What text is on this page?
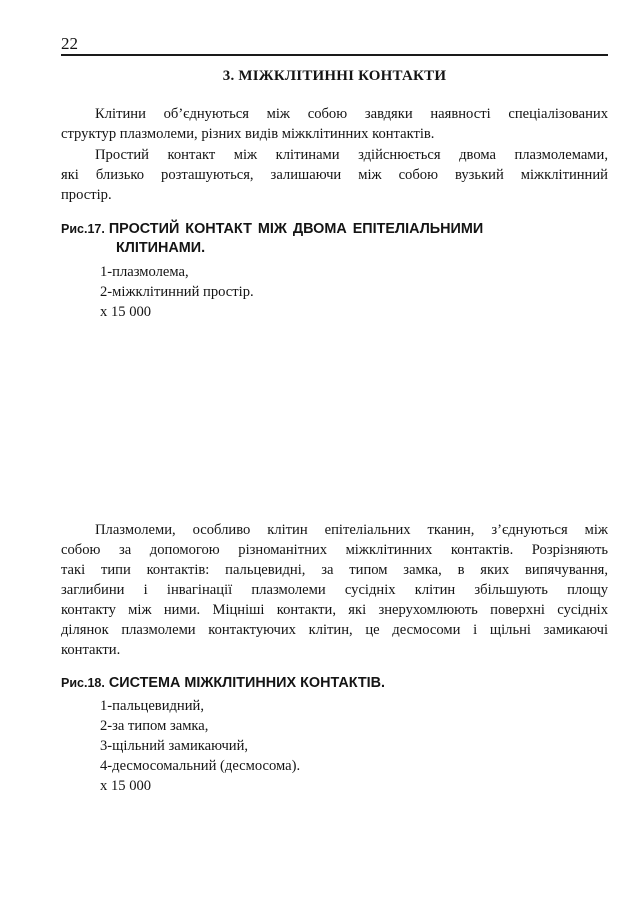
22
3. МІЖКЛІТИННІ КОНТАКТИ
Клітини об’єднуються між собою завдяки наявності спеціалізованих
структур плазмолеми, різних видів міжклітинних контактів.
Простий контакт між клітинами здійснюється двома плазмолемами,
які близько розташуються, залишаючи між собою вузький міжклітинний
простір.
Рис.17. ПРОСТИЙ КОНТАКТ МІЖ ДВОМА ЕПІТЕЛІАЛЬНИМИ
КЛІТИНАМИ.
1-плазмолема,
2-міжклітинний простір.
x 15 000
Плазмолеми, особливо клітин епітеліальних тканин, з’єднуються між
собою за допомогою різноманітних міжклітинних контактів. Розрізняють
такі типи контактів: пальцевидні, за типом замка, в яких випячування,
заглибини і інвагінації плазмолеми сусідніх клітин збільшують площу
контакту між ними. Міцніші контакти, які знерухомлюють поверхні сусідніх
ділянок плазмолеми контактуючих клітин, це десмосоми і щільні замикаючі
контакти.
Рис.18. СИСТЕМА МІЖКЛІТИННИХ КОНТАКТІВ.
1-пальцевидний,
2-за типом замка,
3-щільний замикаючий,
4-десмосомальний (десмосома).
x 15 000
